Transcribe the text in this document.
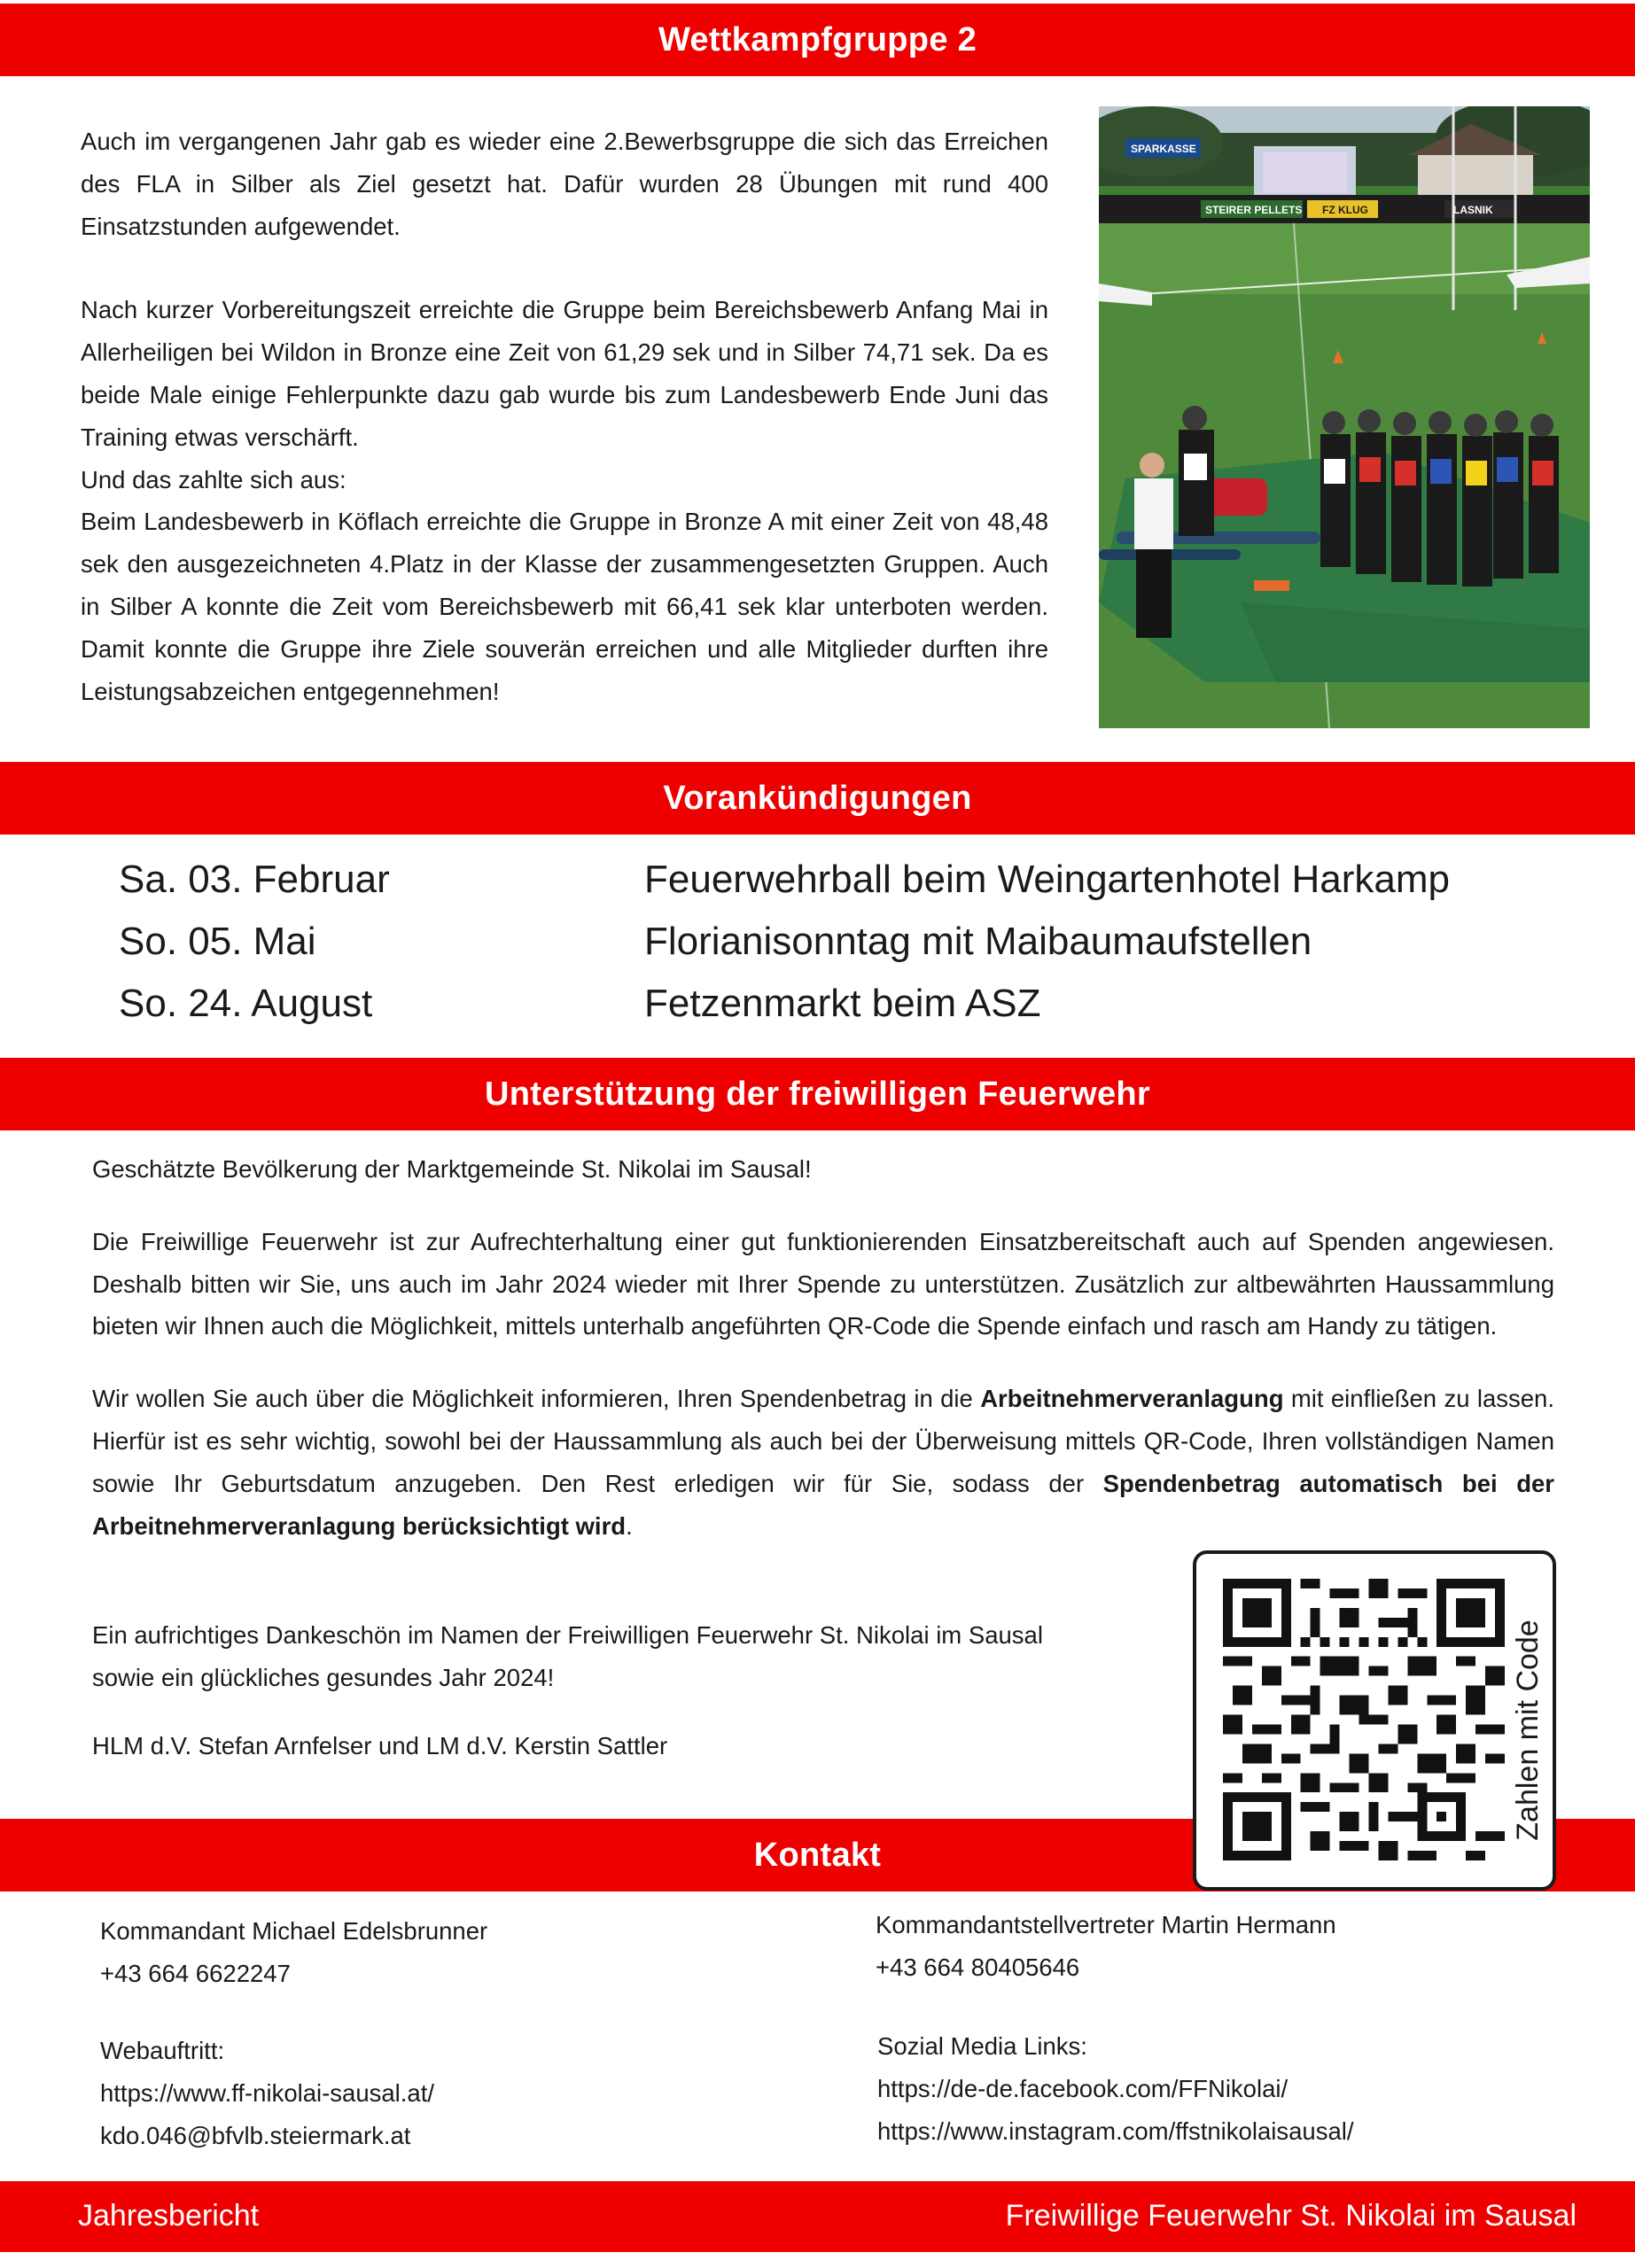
Wettkampfgruppe 2

Auch im vergangenen Jahr gab es wieder eine 2.Bewerbsgruppe die sich das Erreichen des FLA in Silber als Ziel gesetzt hat. Dafür wurden 28 Übungen mit rund 400 Einsatzstunden aufgewendet.

Nach kurzer Vorbereitungszeit erreichte die Gruppe beim Bereichsbewerb Anfang Mai in Allerheiligen bei Wildon in Bronze eine Zeit von 61,29 sek und in Silber 74,71 sek. Da es beide Male einige Fehlerpunkte dazu gab wurde bis zum Landesbewerb Ende Juni das Training etwas verschärft.

Und das zahlte sich aus:

Beim Landesbewerb in Köflach erreichte die Gruppe in Bronze A mit einer Zeit von 48,48 sek den ausgezeichneten 4.Platz in der Klasse der zusammengesetzten Gruppen. Auch in Silber A konnte die Zeit vom Bereichsbewerb mit 66,41 sek klar unterboten werden. Damit konnte die Gruppe ihre Ziele souverän erreichen und alle Mitglieder durften ihre Leistungsabzeichen entgegennehmen!

SPARKASSE
STEIRER PELLETS FZ KLUG	LASNIK
Vorankündigungen
Sa. 03. Februar	Feuerwehrball beim Weingartenhotel Harkamp
So. 05. Mai	Florianisonntag mit Maibaumaufstellen
So. 24. August	Fetzenmarkt beim ASZ
Unterstützung der freiwilligen Feuerwehr

Geschätzte Bevölkerung der Marktgemeinde St. Nikolai im Sausal!

Die Freiwillige Feuerwehr ist zur Aufrechterhaltung einer gut funktionierenden Einsatzbereitschaft auch auf Spenden angewiesen. Deshalb bitten wir Sie, uns auch im Jahr 2024 wieder mit Ihrer Spende zu unterstützen. Zusätzlich zur altbewährten Haussammlung bieten wir Ihnen auch die Möglichkeit, mittels unterhalb angeführten QR-Code die Spende einfach und rasch am Handy zu tätigen.

Wir wollen Sie auch über die Möglichkeit informieren, Ihren Spendenbetrag in die Arbeitnehmerveranlagung mit einfließen zu lassen. Hierfür ist es sehr wichtig, sowohl bei der Haussammlung als auch bei der Überweisung mittels QR-Code, Ihren vollständigen Namen sowie Ihr Geburtsdatum anzugeben. Den Rest erledigen wir für Sie, sodass der Spendenbetrag automatisch bei der Arbeitnehmerveranlagung berücksichtigt wird.

Ein aufrichtiges Dankeschön im Namen der Freiwilligen Feuerwehr St. Nikolai im Sausal
sowie ein glückliches gesundes Jahr 2024!
HLM d.V. Stefan Arnfelser und LM d.V. Kerstin Sattler	Zahlen mit Code
Kontakt
Kommandant Michael Edelsbrunner
+43 664 6622247
Webauftritt:
https://www.ff-nikolai-sausal.at/
kdo.046@bfvlb.steiermark.at
Kommandantstellvertreter Martin Hermann
+43 664 80405646
Sozial Media Links:
https://de-de.facebook.com/FFNikolai/
https://www.instagram.com/ffstnikolaisausal/
Jahresbericht	Freiwillige Feuerwehr St. Nikolai im Sausal
